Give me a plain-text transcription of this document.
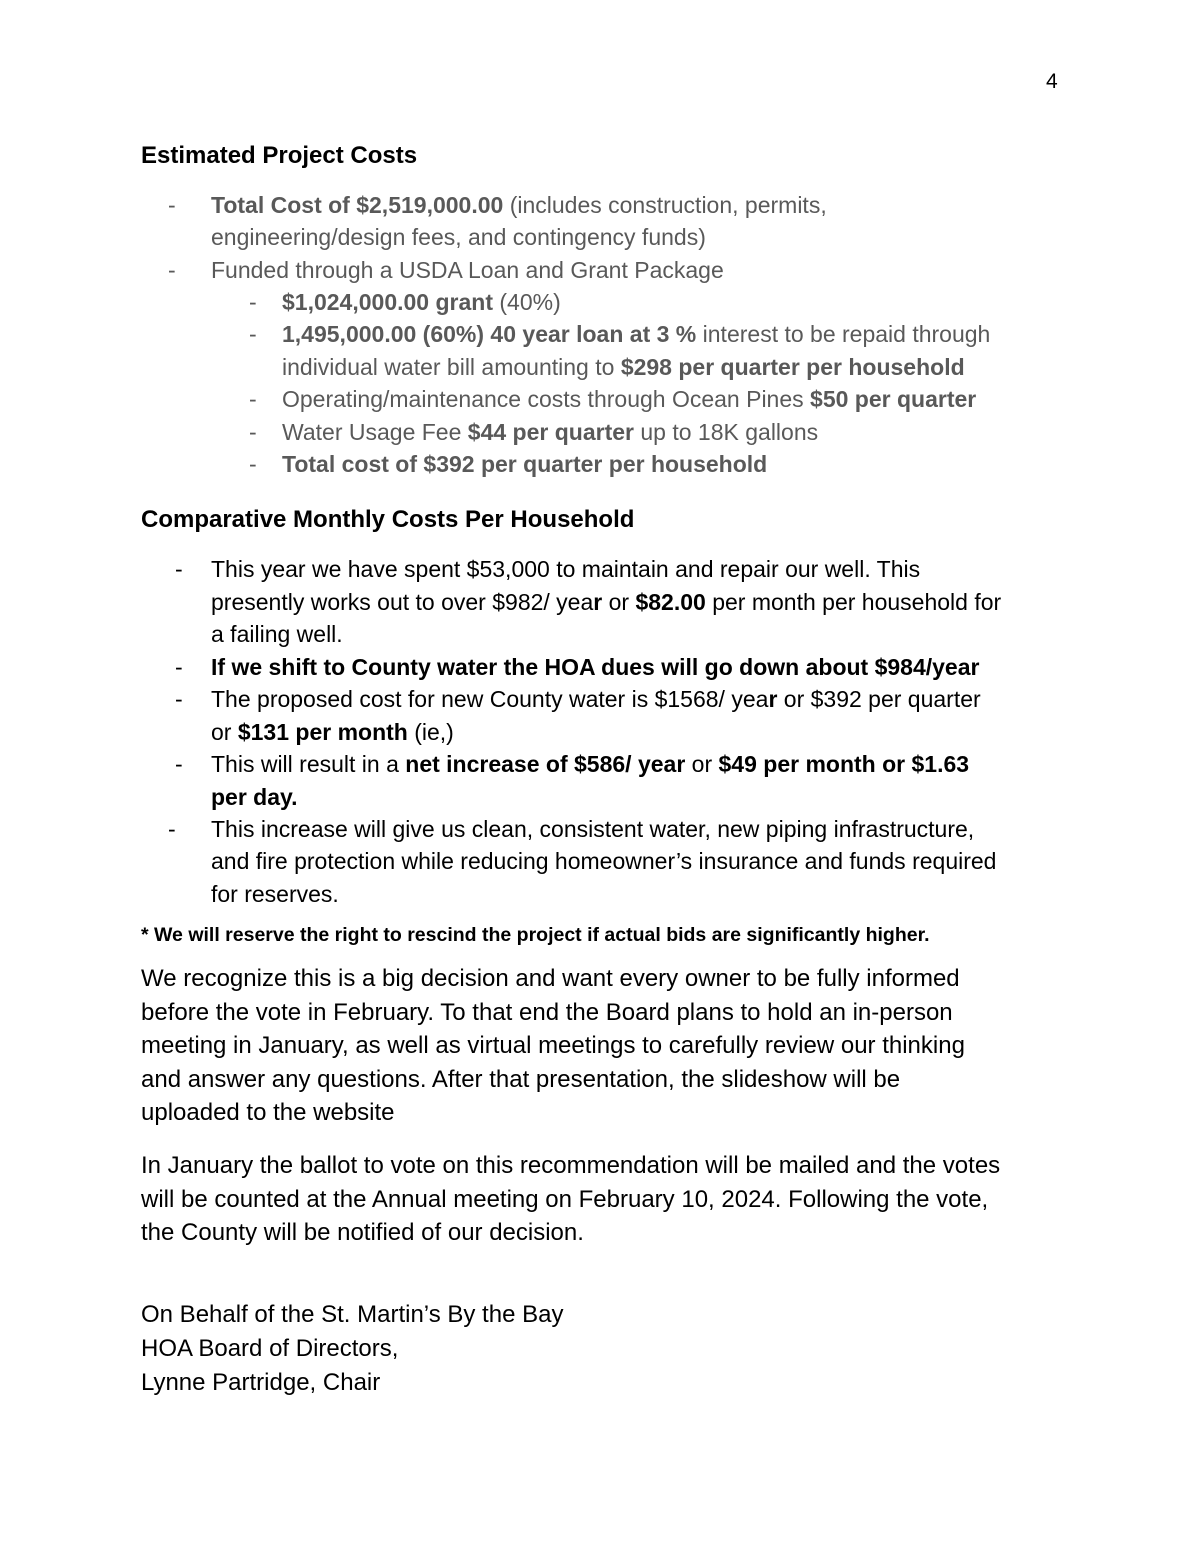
4
Estimated Project Costs
- Total Cost of $2,519,000.00 (includes construction, permits,
engineering/design fees, and contingency funds)
- Funded through a USDA Loan and Grant Package
- $1,024,000.00 grant (40%)
- 1,495,000.00 (60%) 40 year loan at 3 % interest to be repaid through
individual water bill amounting to $298 per quarter per household
- Operating/maintenance costs through Ocean Pines $50 per quarter
- Water Usage Fee $44 per quarter up to 18K gallons
- Total cost of $392 per quarter per household
Comparative Monthly Costs Per Household
- This year we have spent $53,000 to maintain and repair our well. This
presently works out to over $982/ year or $82.00 per month per household for
a failing well.
- If we shift to County water the HOA dues will go down about $984/year
- The proposed cost for new County water is $1568/ year or $392 per quarter
or $131 per month (ie,)
- This will result in a net increase of $586/ year or $49 per month or $1.63
per day.
- This increase will give us clean, consistent water, new piping infrastructure,
and fire protection while reducing homeowner’s insurance and funds required
for reserves.
* We will reserve the right to rescind the project if actual bids are significantly higher.
We recognize this is a big decision and want every owner to be fully informed
before the vote in February. To that end the Board plans to hold an in-person
meeting in January, as well as virtual meetings to carefully review our thinking
and answer any questions. After that presentation, the slideshow will be
uploaded to the website
In January the ballot to vote on this recommendation will be mailed and the votes
will be counted at the Annual meeting on February 10, 2024. Following the vote,
the County will be notified of our decision.
On Behalf of the St. Martin’s By the Bay
HOA Board of Directors,
Lynne Partridge, Chair
